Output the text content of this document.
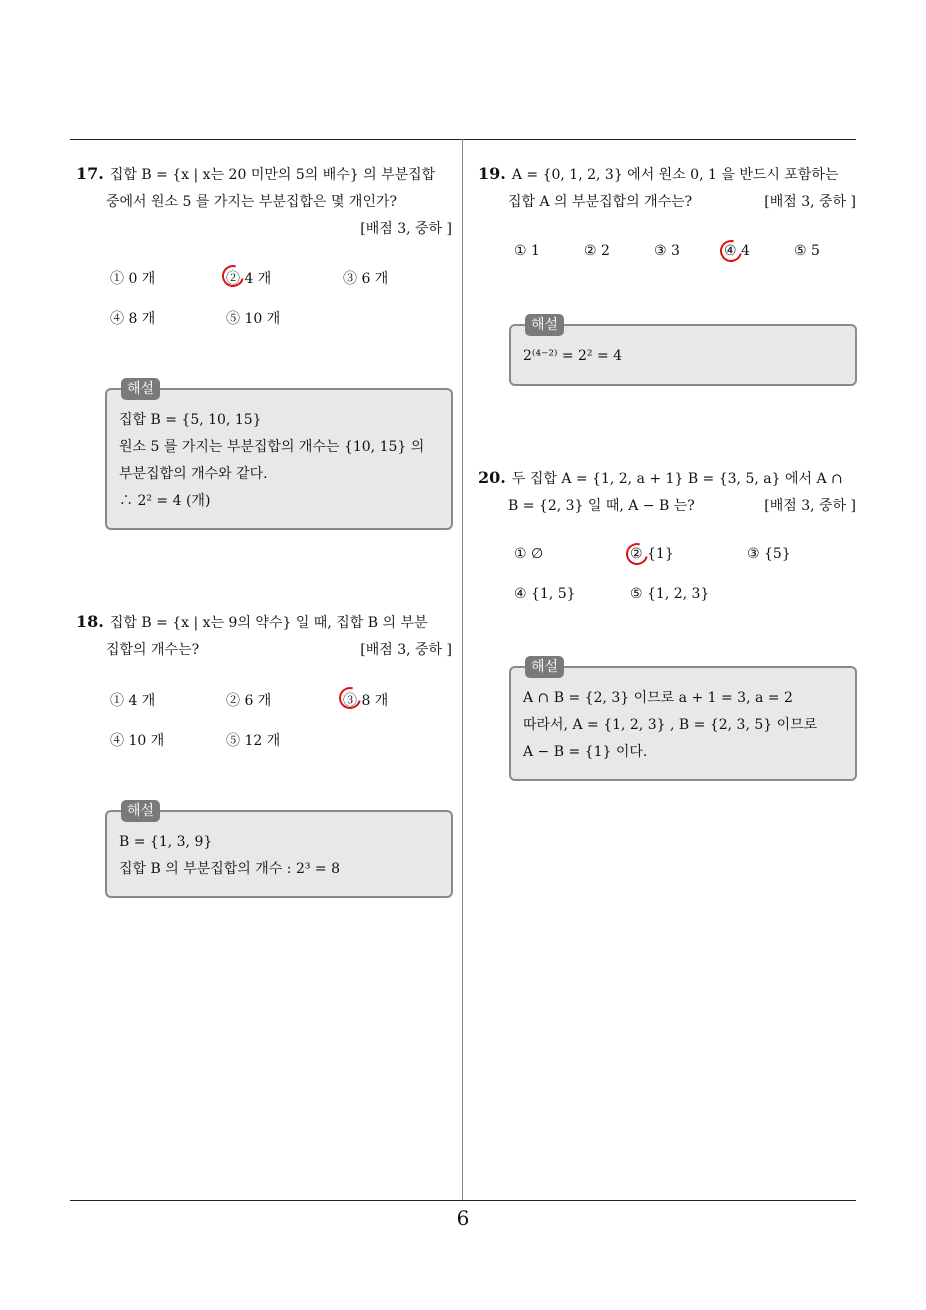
17. 집합 B = {x | x는 20 미만의 5의 배수} 의 부분집합
중에서 원소 5 를 가지는 부분집합은 몇 개인가?
[배점 3, 중하 ]
① 0 개	② 4 개	③ 6 개
④ 8 개	⑤ 10 개
해설
집합 B = {5, 10, 15}
원소 5 를 가지는 부분집합의 개수는 {10, 15} 의
부분집합의 개수와 같다.
∴ 2² = 4 (개)
18. 집합 B = {x | x는 9의 약수} 일 때, 집합 B 의 부분
집합의 개수는?	[배점 3, 중하 ]
① 4 개	② 6 개	③ 8 개
④ 10 개	⑤ 12 개
해설
B = {1, 3, 9}
집합 B 의 부분집합의 개수 : 2³ = 8
19. A = {0, 1, 2, 3} 에서 원소 0, 1 을 반드시 포함하는
집합 A 의 부분집합의 개수는?	[배점 3, 중하 ]
① 1	② 2	③ 3	④ 4	⑤ 5
해설
2⁽⁴⁻²⁾ = 2² = 4
20. 두 집합 A = {1, 2, a + 1} B = {3, 5, a} 에서 A ∩
B = {2, 3} 일 때, A − B 는?	[배점 3, 중하 ]
① ∅	② {1}	③ {5}
④ {1, 5}	⑤ {1, 2, 3}
해설
A ∩ B = {2, 3} 이므로 a + 1 = 3, a = 2
따라서, A = {1, 2, 3} , B = {2, 3, 5} 이므로
A − B = {1} 이다.
6
